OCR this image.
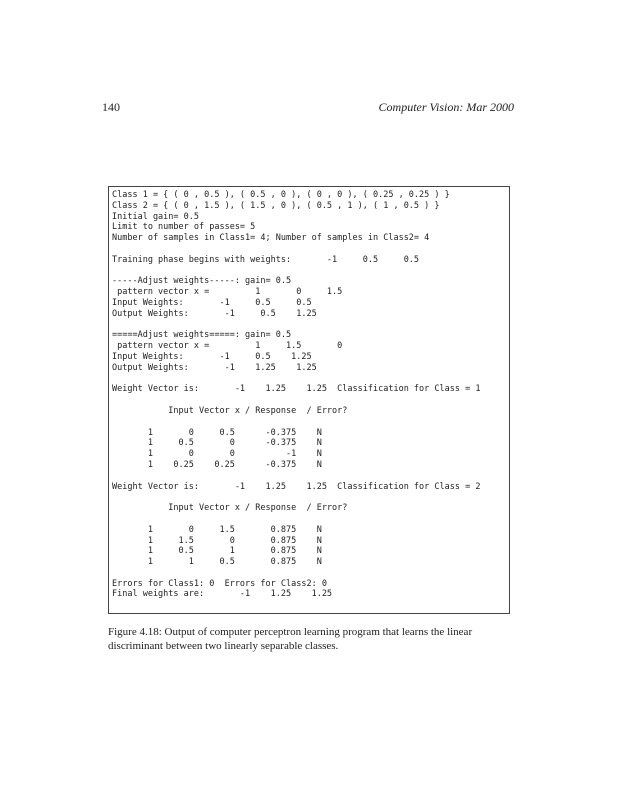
140	Computer Vision: Mar 2000
Class 1 = { ( 0 , 0.5 ), ( 0.5 , 0 ), ( 0 , 0 ), ( 0.25 , 0.25 ) }
Class 2 = { ( 0 , 1.5 ), ( 1.5 , 0 ), ( 0.5 , 1 ), ( 1 , 0.5 ) }
Initial gain= 0.5
Limit to number of passes= 5
Number of samples in Class1= 4; Number of samples in Class2= 4

Training phase begins with weights:       -1     0.5     0.5

-----Adjust weights-----: gain= 0.5
pattern vector x =         1       0     1.5
Input Weights:       -1     0.5     0.5
Output Weights:       -1     0.5    1.25

=====Adjust weights=====: gain= 0.5
pattern vector x =         1     1.5       0
Input Weights:       -1     0.5    1.25
Output Weights:       -1    1.25    1.25

Weight Vector is:       -1    1.25    1.25  Classification for Class = 1

Input Vector x / Response  / Error?

1       0     0.5      -0.375    N
1     0.5       0      -0.375    N
1       0       0          -1    N
1    0.25    0.25      -0.375    N

Weight Vector is:       -1    1.25    1.25  Classification for Class = 2

Input Vector x / Response  / Error?

1       0     1.5       0.875    N
1     1.5       0       0.875    N
1     0.5       1       0.875    N
1       1     0.5       0.875    N

Errors for Class1: 0  Errors for Class2: 0
Final weights are:       -1    1.25    1.25
Figure 4.18: Output of computer perceptron learning program that learns the linear discriminant between two linearly separable classes.
